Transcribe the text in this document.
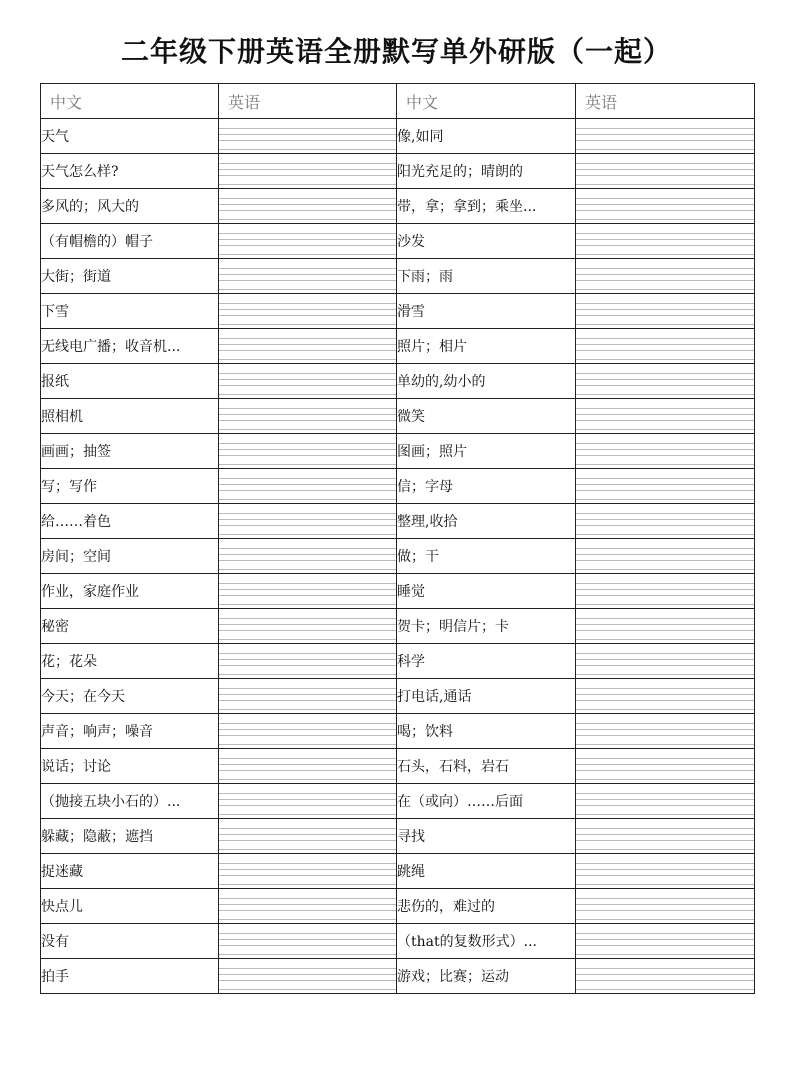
二年级下册英语全册默写单外研版（一起）
中文	英语	中文	英语
天气		像,如同	

天气怎么样?		阳光充足的；晴朗的	

多风的；风大的		带，拿；拿到；乘坐...	

（有帽檐的）帽子		沙发	

大街；街道		下雨；雨	

下雪		滑雪	

无线电广播；收音机...		照片；相片	

报纸		单幼的,幼小的	

照相机		微笑	

画画；抽签		图画；照片	

写；写作		信；字母	

给……着色		整理,收拾	

房间；空间		做；干	

作业，家庭作业		睡觉	

秘密		贺卡；明信片；卡	

花；花朵		科学	

今天；在今天		打电话,通话	

声音；响声；噪音		喝；饮料	

说话；讨论		石头，石料，岩石	

（抛接五块小石的）...		在（或向）……后面	

躲藏；隐蔽；遮挡		寻找	

捉迷藏		跳绳	

快点儿		悲伤的，难过的	

没有		（that的复数形式）...	

拍手		游戏；比赛；运动	
